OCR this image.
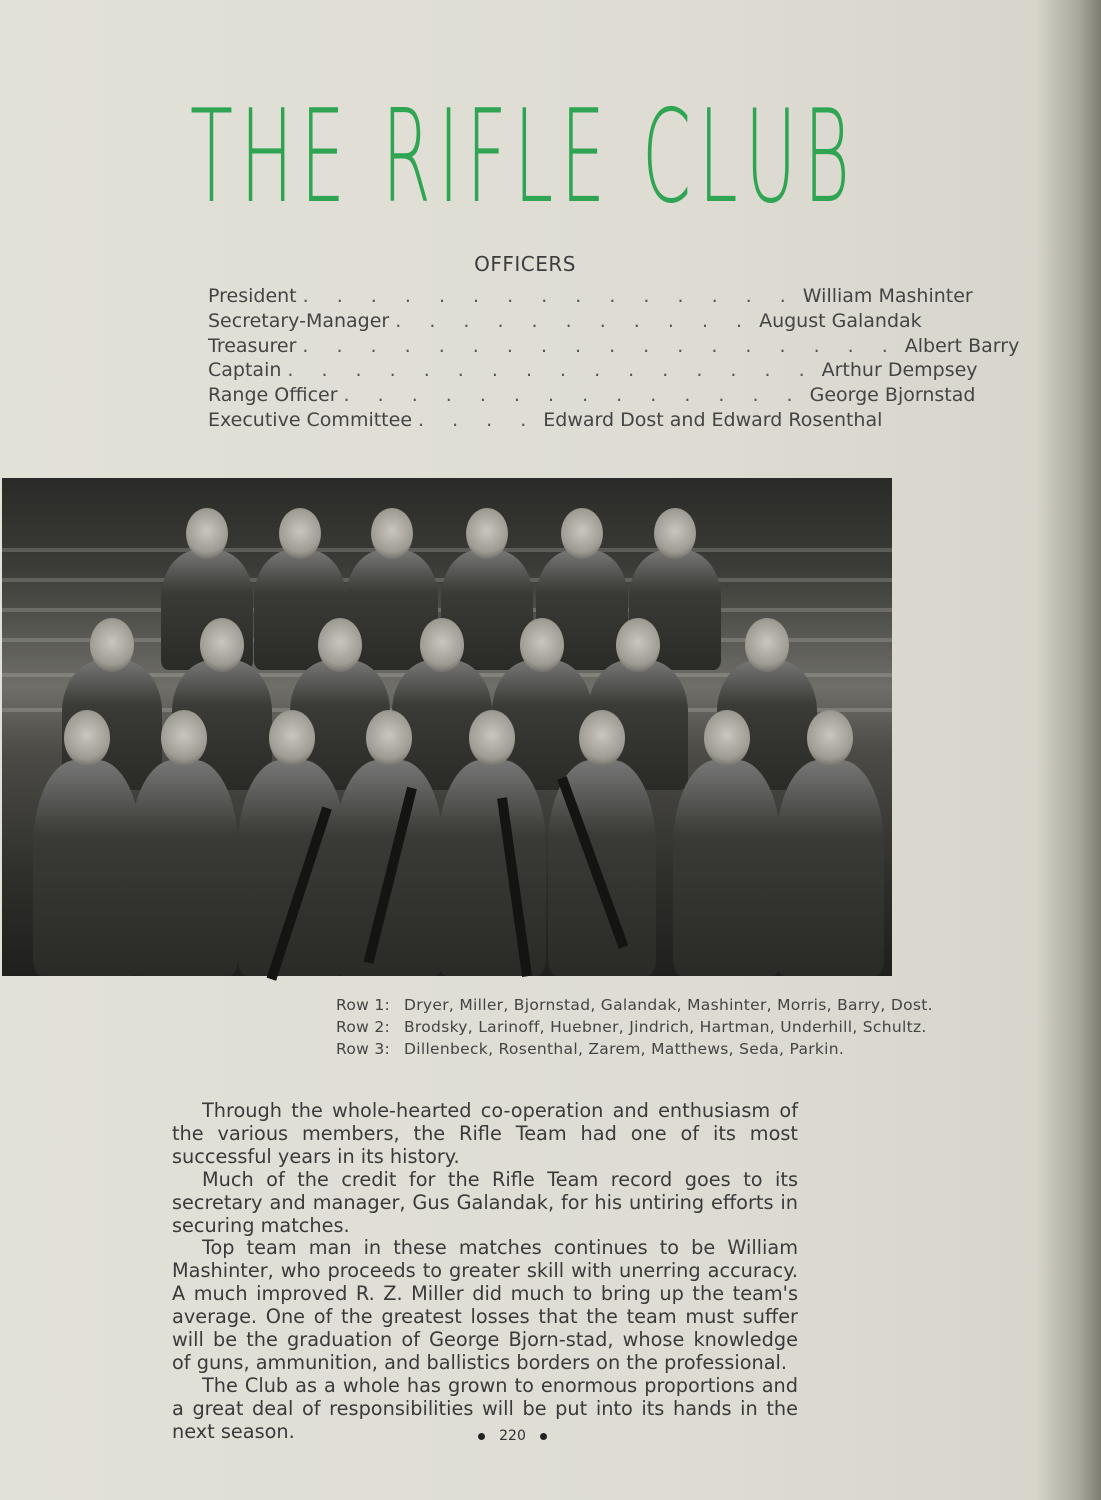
T H E
R I F L E
C L U B
OFFICERS
President . . . . . . . . . . . . . . . William Mashinter
Secretary-Manager . . . . . . . . . . . August Galandak
Treasurer . . . . . . . . . . . . . . . . . . Albert Barry
Captain . . . . . . . . . . . . . . . . Arthur Dempsey
Range Officer . . . . . . . . . . . . . . George Bjornstad
Executive Committee . . . . Edward Dost and Edward Rosenthal
Row 1: Dryer, Miller, Bjornstad, Galandak, Mashinter, Morris, Barry, Dost.
Row 2: Brodsky, Larinoff, Huebner, Jindrich, Hartman, Underhill, Schultz.
Row 3: Dillenbeck, Rosenthal, Zarem, Matthews, Seda, Parkin.

Through the whole-hearted co-operation and enthusiasm of the various members, the Rifle Team had one of its most successful years in its history.

Much of the credit for the Rifle Team record goes to its secretary and manager, Gus Galandak, for his untiring efforts in securing matches.

Top team man in these matches continues to be William Mashinter, who proceeds to greater skill with unerring accuracy. A much improved R. Z. Miller did much to bring up the team's average. One of the greatest losses that the team must suffer will be the graduation of George Bjorn-stad, whose knowledge of guns, ammunition, and ballistics borders on the professional.

The Club as a whole has grown to enormous proportions and a great deal of responsibilities will be put into its hands in the next season.	220
